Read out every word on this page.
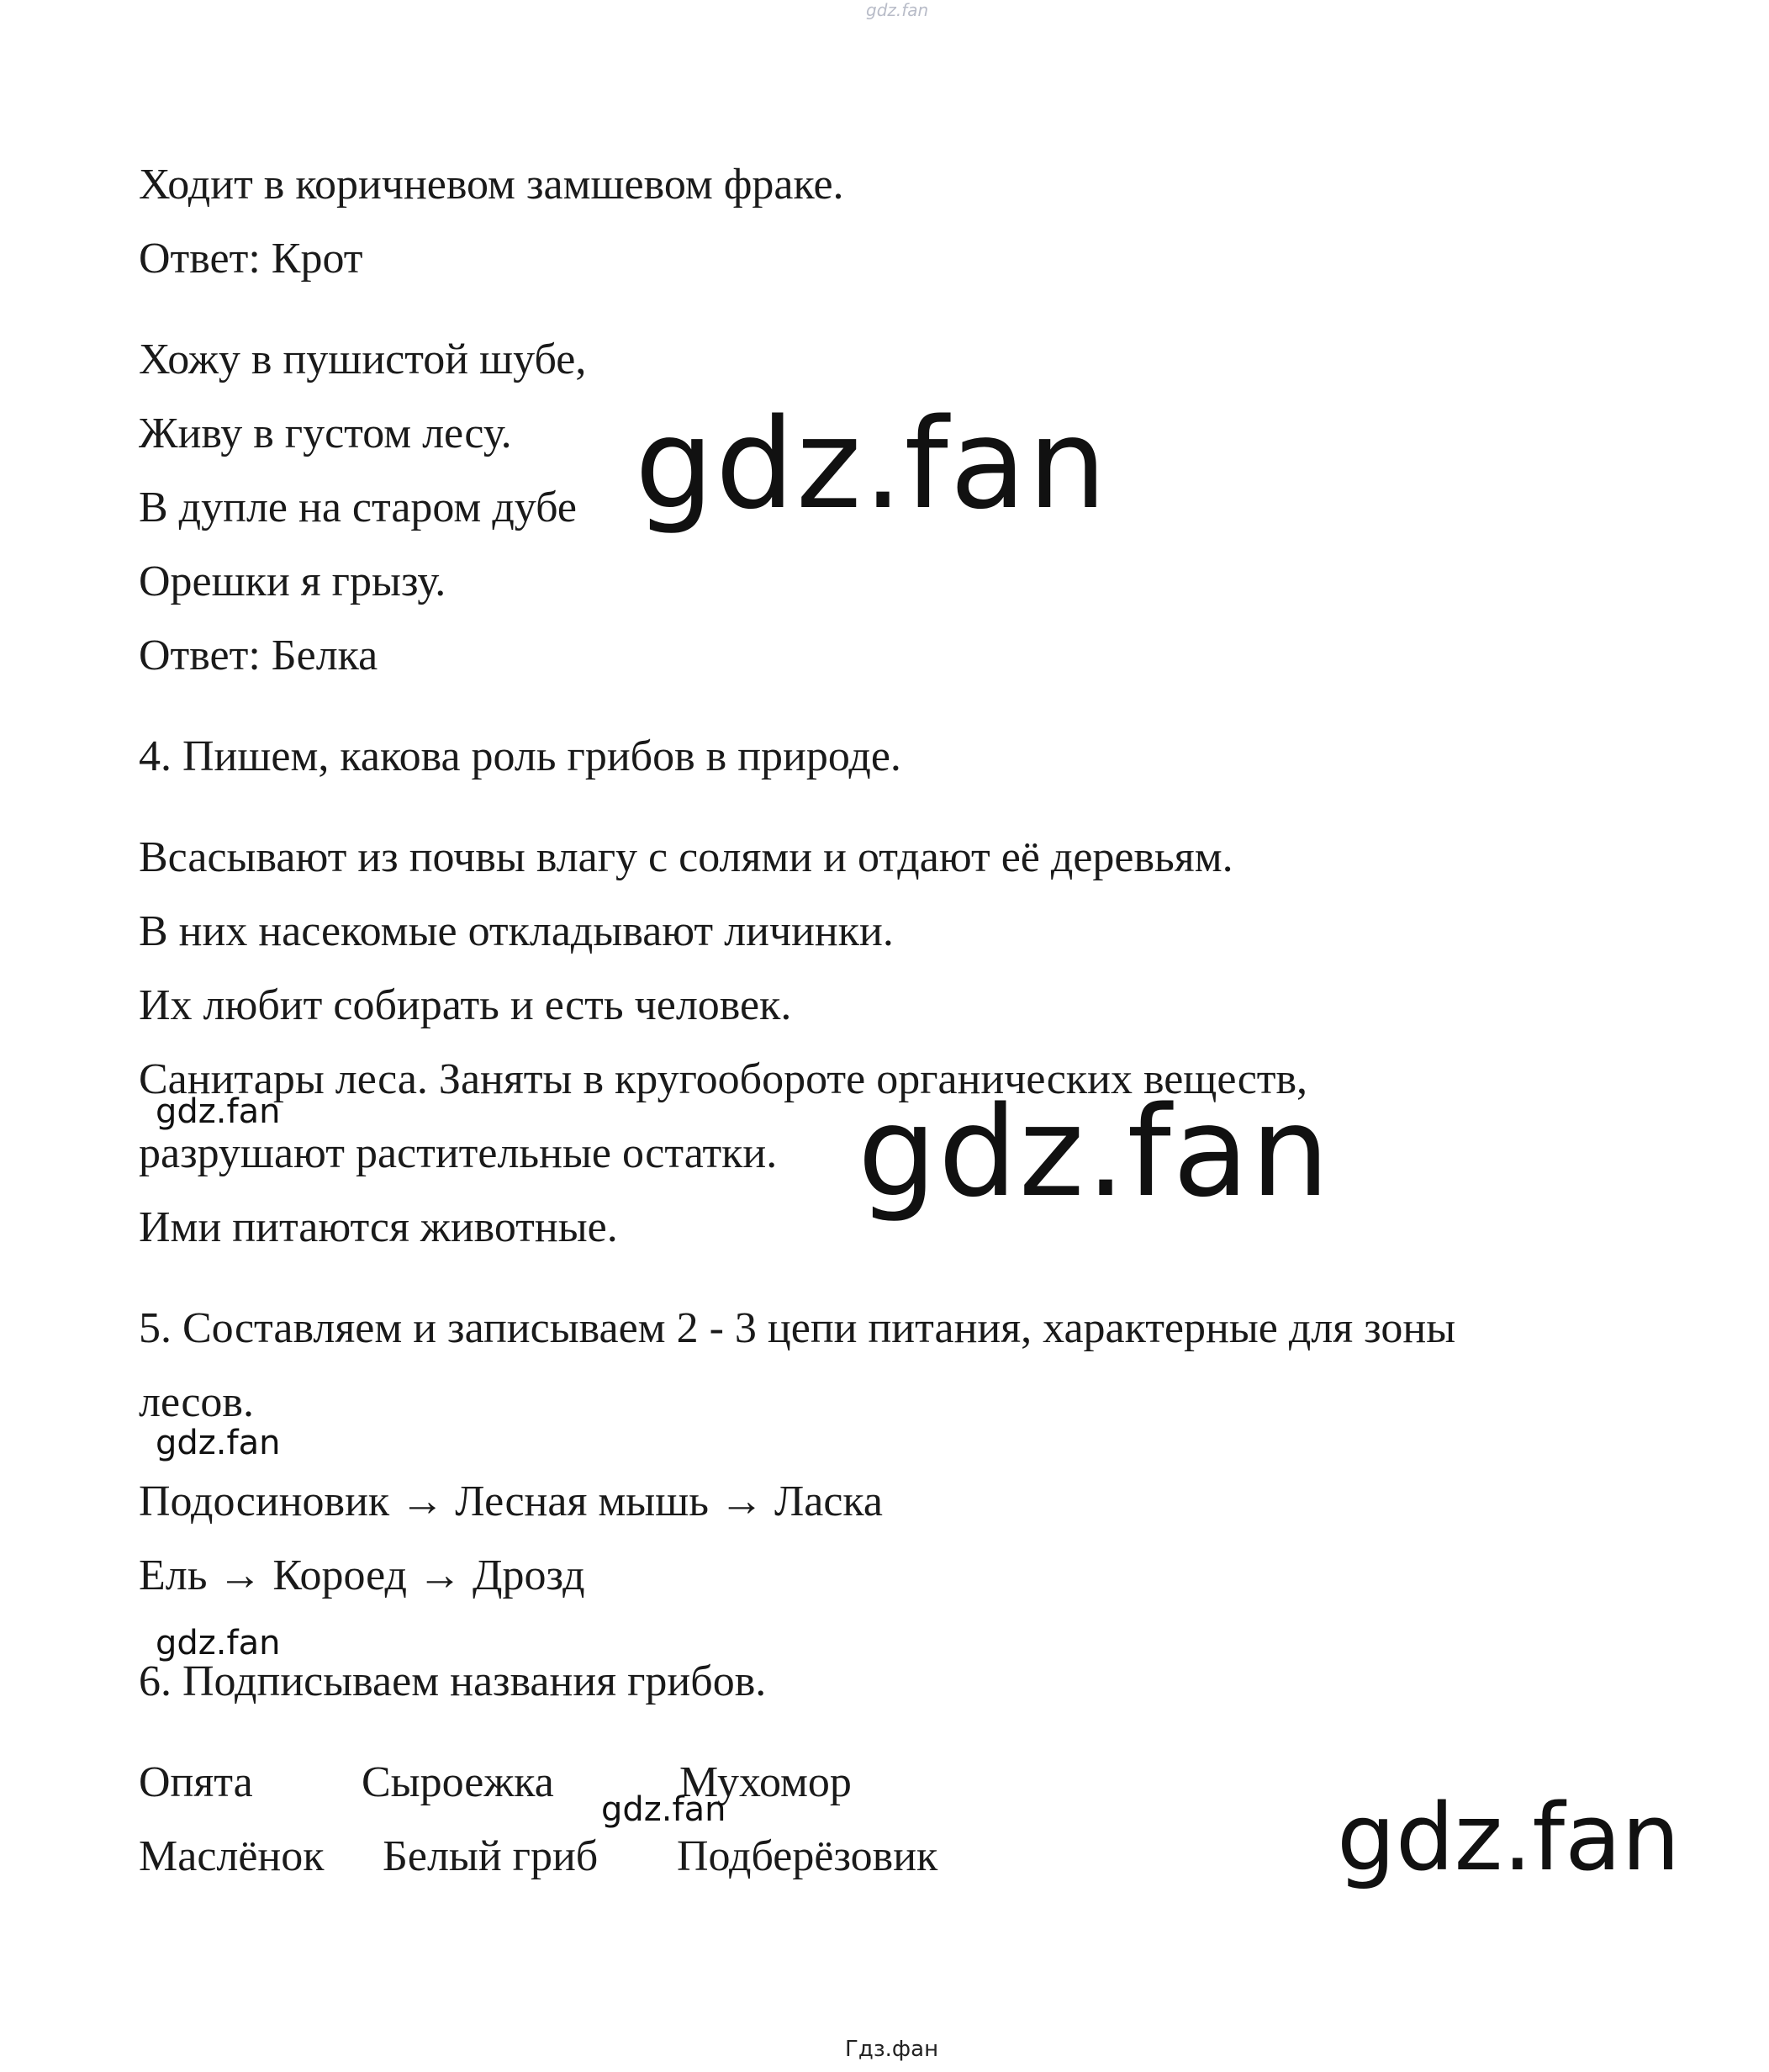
gdz.fan

Ходит в коричневом замшевом фраке.

Ответ: Крот

Хожу в пушистой шубе,

Живу в густом лесу.

В дупле на старом дубе

Орешки я грызу.

Ответ: Белка

gdz.fan

4. Пишем, какова роль грибов в природе.

Всасывают из почвы влагу с солями и отдают её деревьям.

В них насекомые откладывают личинки.

Их любит собирать и есть человек.

Санитары леса. Заняты в кругообороте органических веществ,

разрушают растительные остатки.

Ими питаются животные.

gdz.fan	gdz.fan

5. Составляем и записываем 2 - 3 цепи питания, характерные для зоны

лесов.

gdz.fan

Подосиновик → Лесная мышь → Ласка

Ель → Короед → Дрозд

gdz.fan

6. Подписываем названия грибов.

Опята Сыроежка	Мухомор

gdz.fan

Маслёнок Белый гриб Подберёзовик	gdz.fan

Гдз.фан
